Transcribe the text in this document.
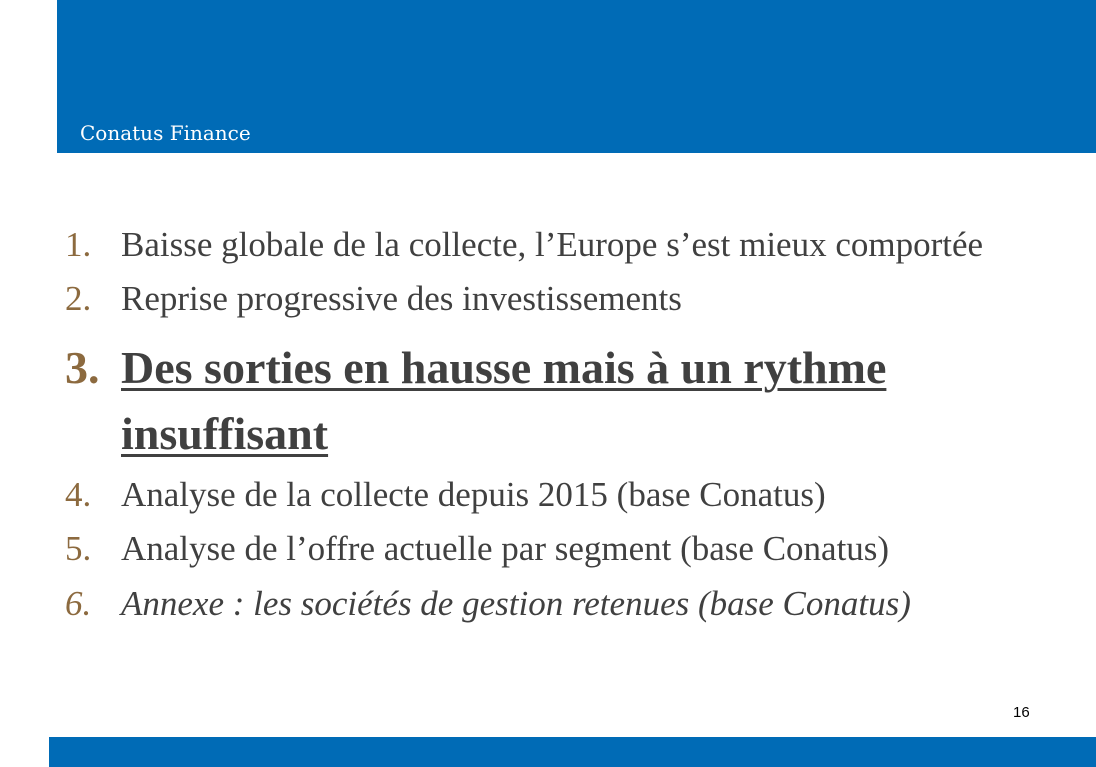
Conatus Finance
1. Baisse globale de la collecte, l’Europe s’est mieux comportée
2. Reprise progressive des investissements
3. Des sorties en hausse mais à un rythme insuffisant
4. Analyse de la collecte depuis 2015 (base Conatus)
5. Analyse de l’offre actuelle par segment (base Conatus)
6. Annexe : les sociétés de gestion retenues (base Conatus)
16
